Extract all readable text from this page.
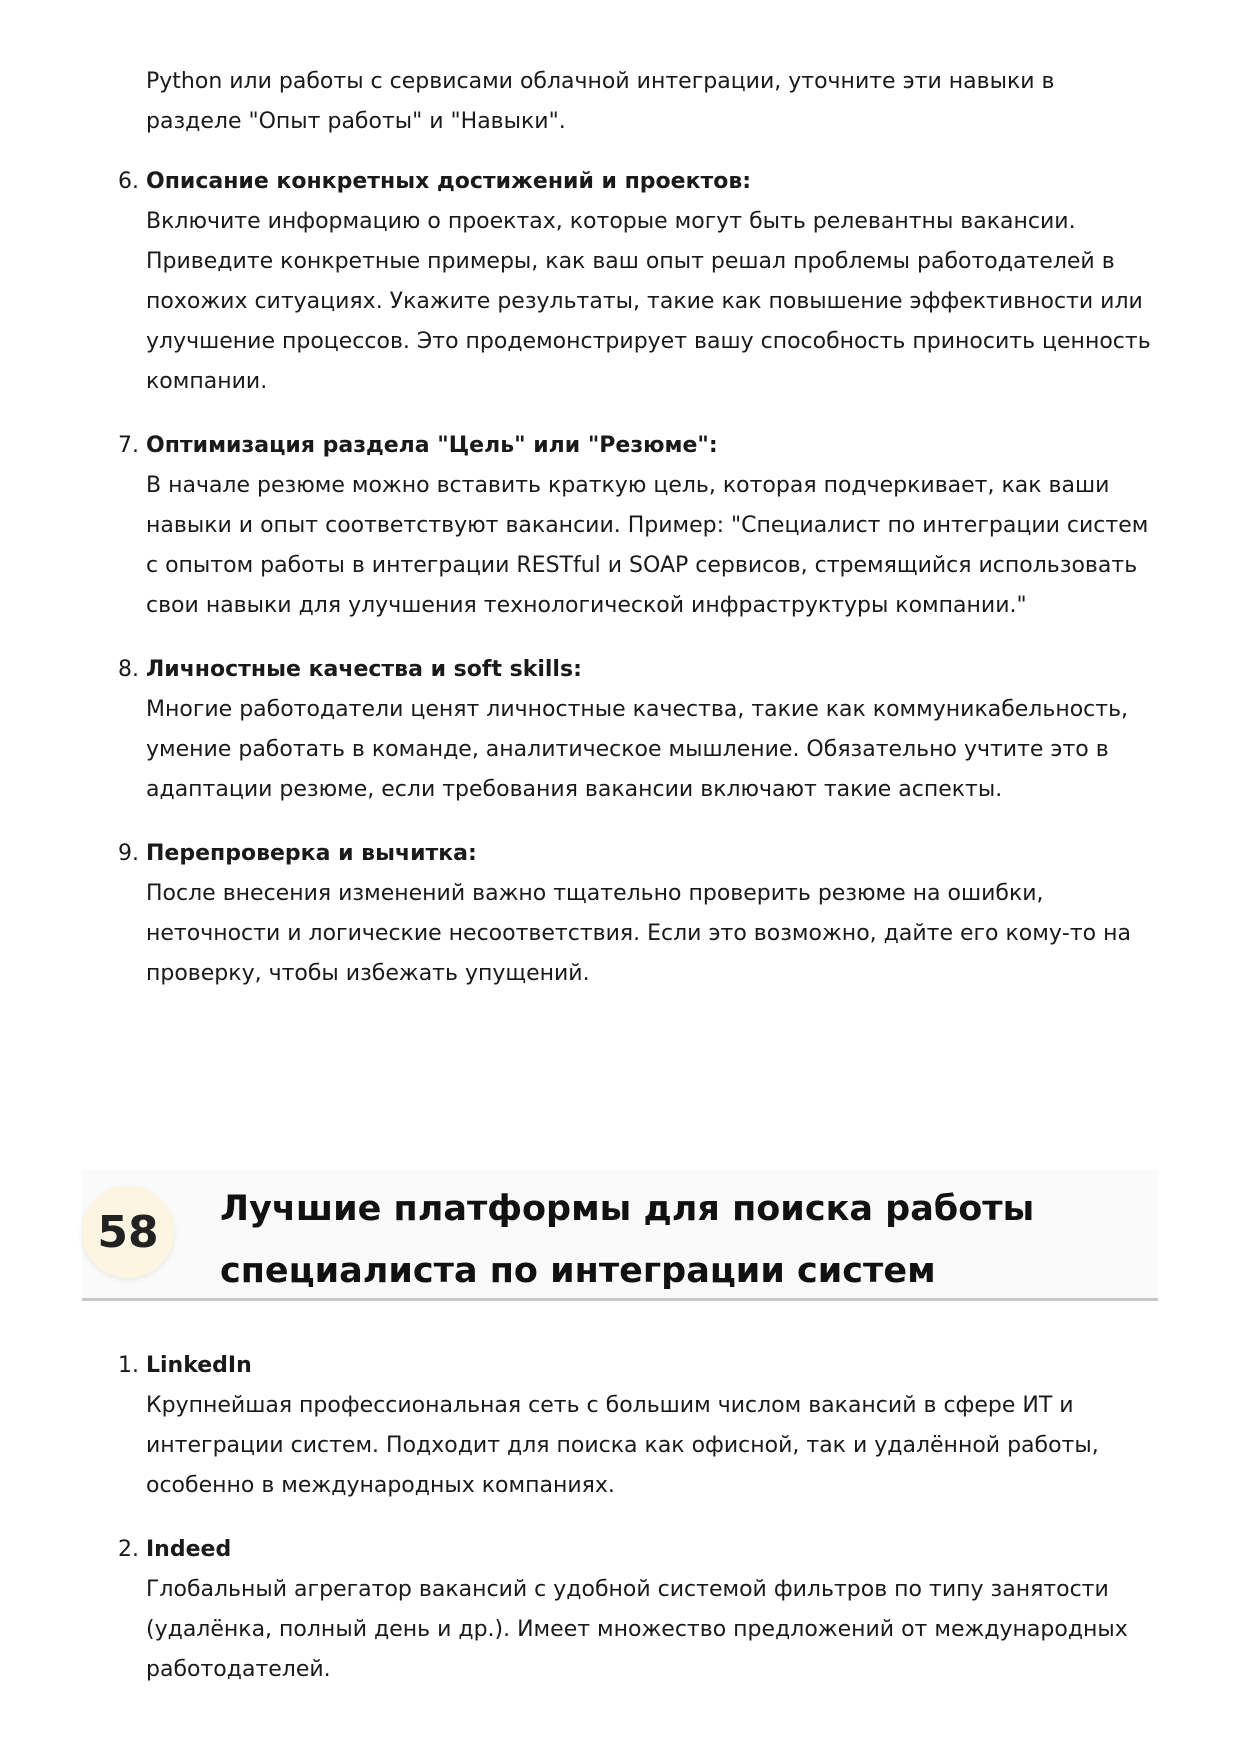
Python или работы с сервисами облачной интеграции, уточните эти навыки в разделе "Опыт работы" и "Навыки".

6. Описание конкретных достижений и проектов:
Включите информацию о проектах, которые могут быть релевантны вакансии. Приведите конкретные примеры, как ваш опыт решал проблемы работодателей в похожих ситуациях. Укажите результаты, такие как повышение эффективности или улучшение процессов. Это продемонстрирует вашу способность приносить ценность компании.
7. Оптимизация раздела "Цель" или "Резюме":
В начале резюме можно вставить краткую цель, которая подчеркивает, как ваши навыки и опыт соответствуют вакансии. Пример: "Специалист по интеграции систем с опытом работы в интеграции RESTful и SOAP сервисов, стремящийся использовать свои навыки для улучшения технологической инфраструктуры компании."
8. Личностные качества и soft skills:
Многие работодатели ценят личностные качества, такие как коммуникабельность, умение работать в команде, аналитическое мышление. Обязательно учтите это в адаптации резюме, если требования вакансии включают такие аспекты.
9. Перепроверка и вычитка:
После внесения изменений важно тщательно проверить резюме на ошибки, неточности и логические несоответствия. Если это возможно, дайте его кому-то на проверку, чтобы избежать упущений.
58	Лучшие платформы для поиска работы специалиста по интеграции систем
1. LinkedIn
Крупнейшая профессиональная сеть с большим числом вакансий в сфере ИТ и интеграции систем. Подходит для поиска как офисной, так и удалённой работы, особенно в международных компаниях.
2. Indeed
Глобальный агрегатор вакансий с удобной системой фильтров по типу занятости (удалёнка, полный день и др.). Имеет множество предложений от международных работодателей.
